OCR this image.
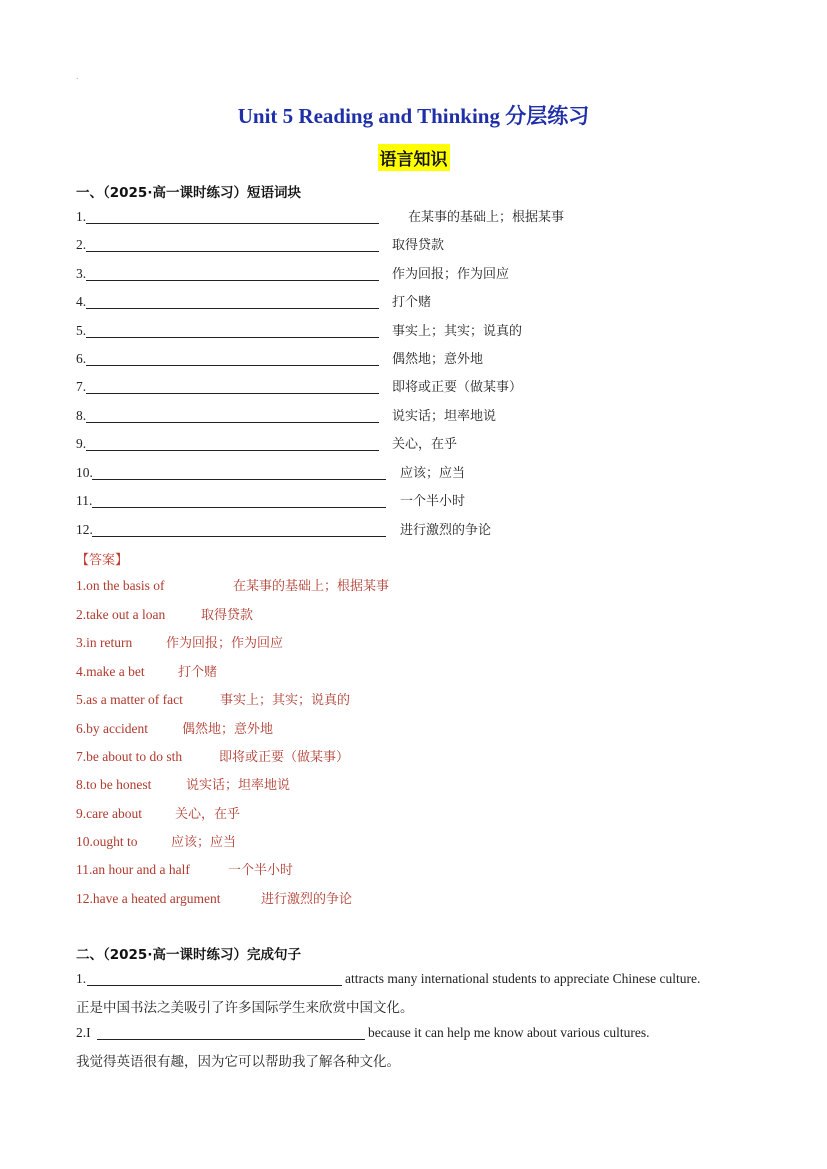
.
Unit 5 Reading and Thinking 分层练习
语言知识
一、（2025·高一课时练习）短语词块
1.	在某事的基础上；根据某事
2.	取得贷款
3.	作为回报；作为回应
4.	打个赌
5.	事实上；其实；说真的
6.	偶然地；意外地
7.	即将或正要（做某事）
8.	说实话；坦率地说
9.	关心，在乎
10.	应该；应当
11.	一个半小时
12.	进行激烈的争论
【答案】
1.on the basis of	在某事的基础上；根据某事
2.take out a loan	取得贷款
3.in return	作为回报；作为回应
4.make a bet	打个赌
5.as a matter of fact	事实上；其实；说真的
6.by accident	偶然地；意外地
7.be about to do sth	即将或正要（做某事）
8.to be honest	说实话；坦率地说
9.care about	关心，在乎
10.ought to	应该；应当
11.an hour and a half	一个半小时
12.have a heated argument	进行激烈的争论
二、（2025·高一课时练习）完成句子
1.	attracts many international students to appreciate Chinese culture.
正是中国书法之美吸引了许多国际学生来欣赏中国文化。
2.I	because it can help me know about various cultures.
我觉得英语很有趣，因为它可以帮助我了解各种文化。
